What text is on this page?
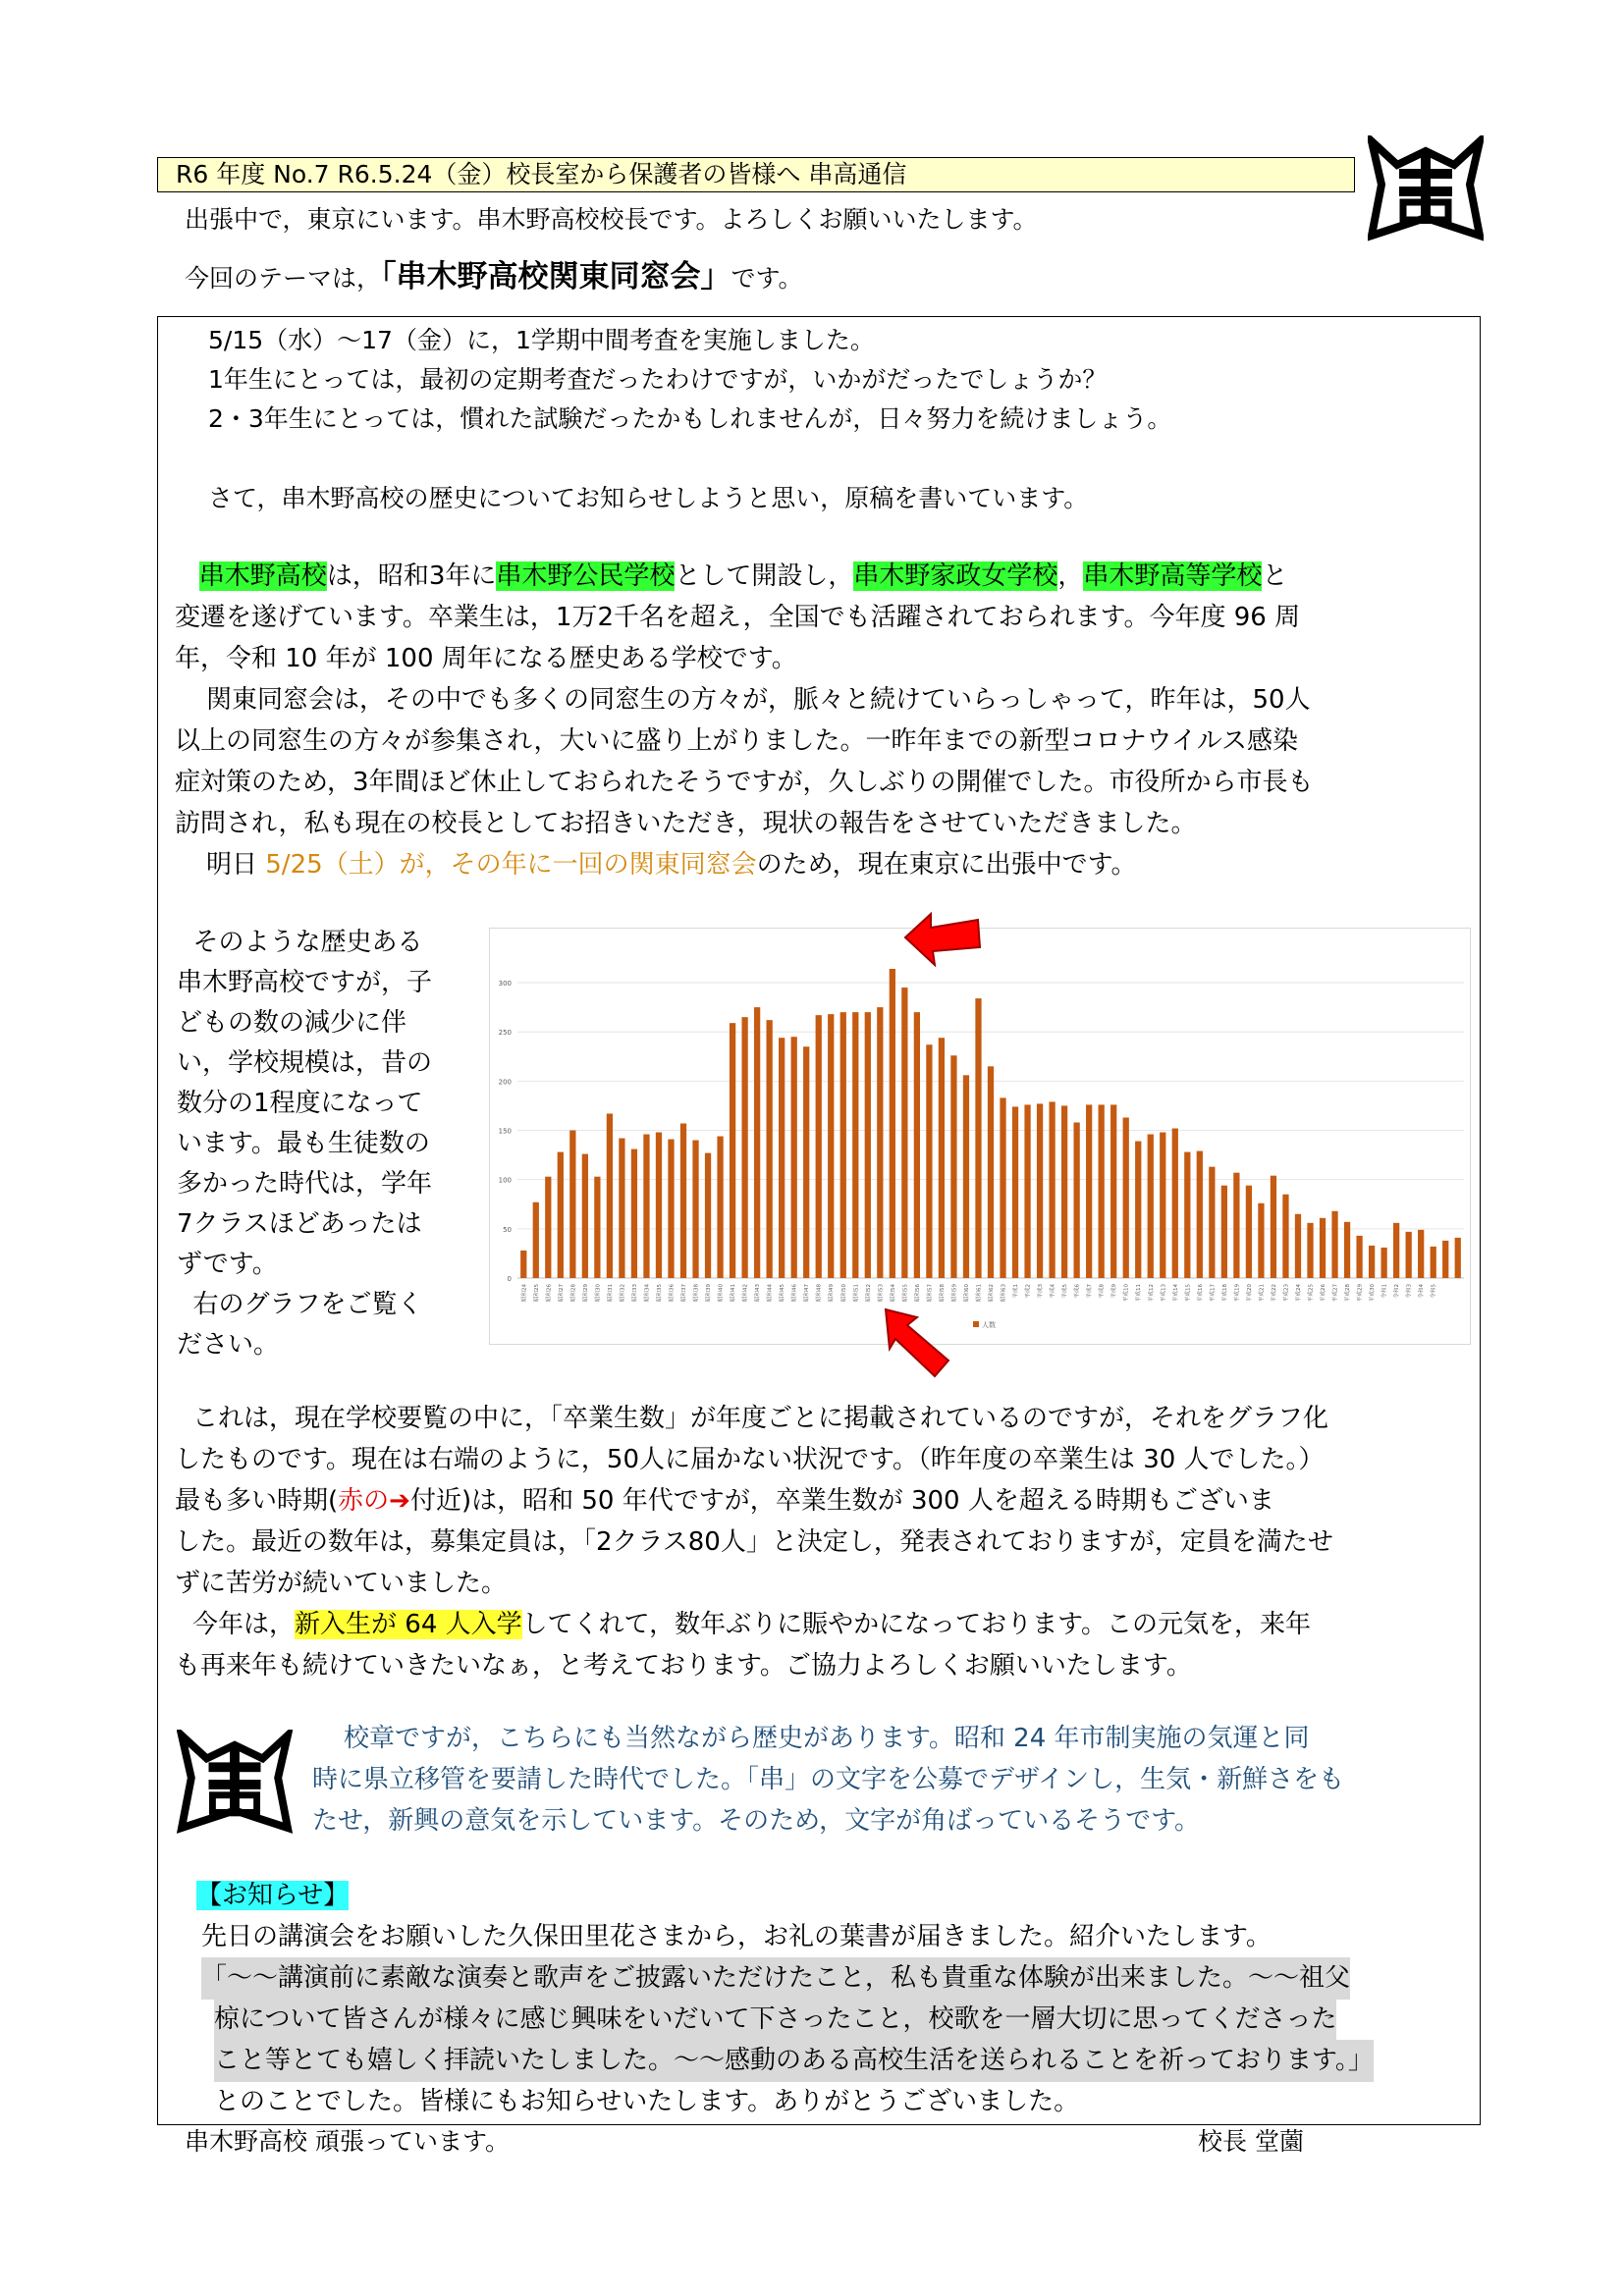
R6 年度 No.7 R6.5.24（金）校長室から保護者の皆様へ 串高通信
出張中で，東京にいます。串木野高校校長です。よろしくお願いいたします。
今回のテーマは，「串木野高校関東同窓会」です。
5/15（水）～17（金）に，1学期中間考査を実施しました。
1年生にとっては，最初の定期考査だったわけですが，いかがだったでしょうか？
2・3年生にとっては，慣れた試験だったかもしれませんが，日々努力を続けましょう。
さて，串木野高校の歴史についてお知らせしようと思い，原稿を書いています。
串木野高校は，昭和3年に串木野公民学校として開設し，串木野家政女学校，串木野高等学校と
変遷を遂げています。卒業生は，1万2千名を超え，全国でも活躍されておられます。今年度 96 周
年，令和 10 年が 100 周年になる歴史ある学校です。
関東同窓会は，その中でも多くの同窓生の方々が，脈々と続けていらっしゃって，昨年は，50人
以上の同窓生の方々が参集され，大いに盛り上がりました。一昨年までの新型コロナウイルス感染
症対策のため，3年間ほど休止しておられたそうですが，久しぶりの開催でした。市役所から市長も
訪問され，私も現在の校長としてお招きいただき，現状の報告をさせていただきました。
明日 5/25（土）が，その年に一回の関東同窓会のため，現在東京に出張中です。
そのような歴史ある
串木野高校ですが，子
どもの数の減少に伴
い，学校規模は，昔の
数分の1程度になって
います。最も生徒数の
多かった時代は，学年
7クラスほどあったは
ずです。
右のグラフをご覧く
ださい。
0
50
100
150
200
250
300
昭和24	昭和25	昭和26	昭和27	昭和28	昭和29	昭和30	昭和31	昭和32	昭和33	昭和34	昭和35	昭和36	昭和37	昭和38	昭和39	昭和40	昭和41	昭和42	昭和43	昭和44	昭和45	昭和46	昭和47	昭和48	昭和49	昭和50	昭和51	昭和52	昭和53	昭和54	昭和55	昭和56	昭和57	昭和58	昭和59	昭和60	昭和61	昭和62	昭和63	平成1	平成2	平成3	平成4	平成5	平成6	平成7	平成8	平成9	平成10	平成11	平成12	平成13	平成14	平成15	平成16	平成17	平成18	平成19	平成20	平成21	平成22	平成23	平成24	平成25	平成26	平成27	平成28	平成29	平成30	令和1	令和2	令和3	令和4	令和5
人数
これは，現在学校要覧の中に，「卒業生数」が年度ごとに掲載されているのですが，それをグラフ化
したものです。現在は右端のように，50人に届かない状況です。（昨年度の卒業生は 30 人でした。）
最も多い時期(赤の➔付近)は，昭和 50 年代ですが，卒業生数が 300 人を超える時期もございま
した。最近の数年は，募集定員は，「2クラス80人」と決定し，発表されておりますが，定員を満たせ
ずに苦労が続いていました。
今年は，新入生が 64 人入学してくれて，数年ぶりに賑やかになっております。この元気を，来年
も再来年も続けていきたいなぁ，と考えております。ご協力よろしくお願いいたします。
校章ですが，こちらにも当然ながら歴史があります。昭和 24 年市制実施の気運と同
時に県立移管を要請した時代でした。「串」の文字を公募でデザインし，生気・新鮮さをも
たせ，新興の意気を示しています。そのため，文字が角ばっているそうです。
【お知らせ】
先日の講演会をお願いした久保田里花さまから，お礼の葉書が届きました。紹介いたします。
「～～講演前に素敵な演奏と歌声をご披露いただけたこと，私も貴重な体験が出来ました。～～祖父
椋について皆さんが様々に感じ興味をいだいて下さったこと，校歌を一層大切に思ってくださった
こと等とても嬉しく拝読いたしました。～～感動のある高校生活を送られることを祈っております。」
とのことでした。皆様にもお知らせいたします。ありがとうございました。
串木野高校 頑張っています。	校長 堂薗
